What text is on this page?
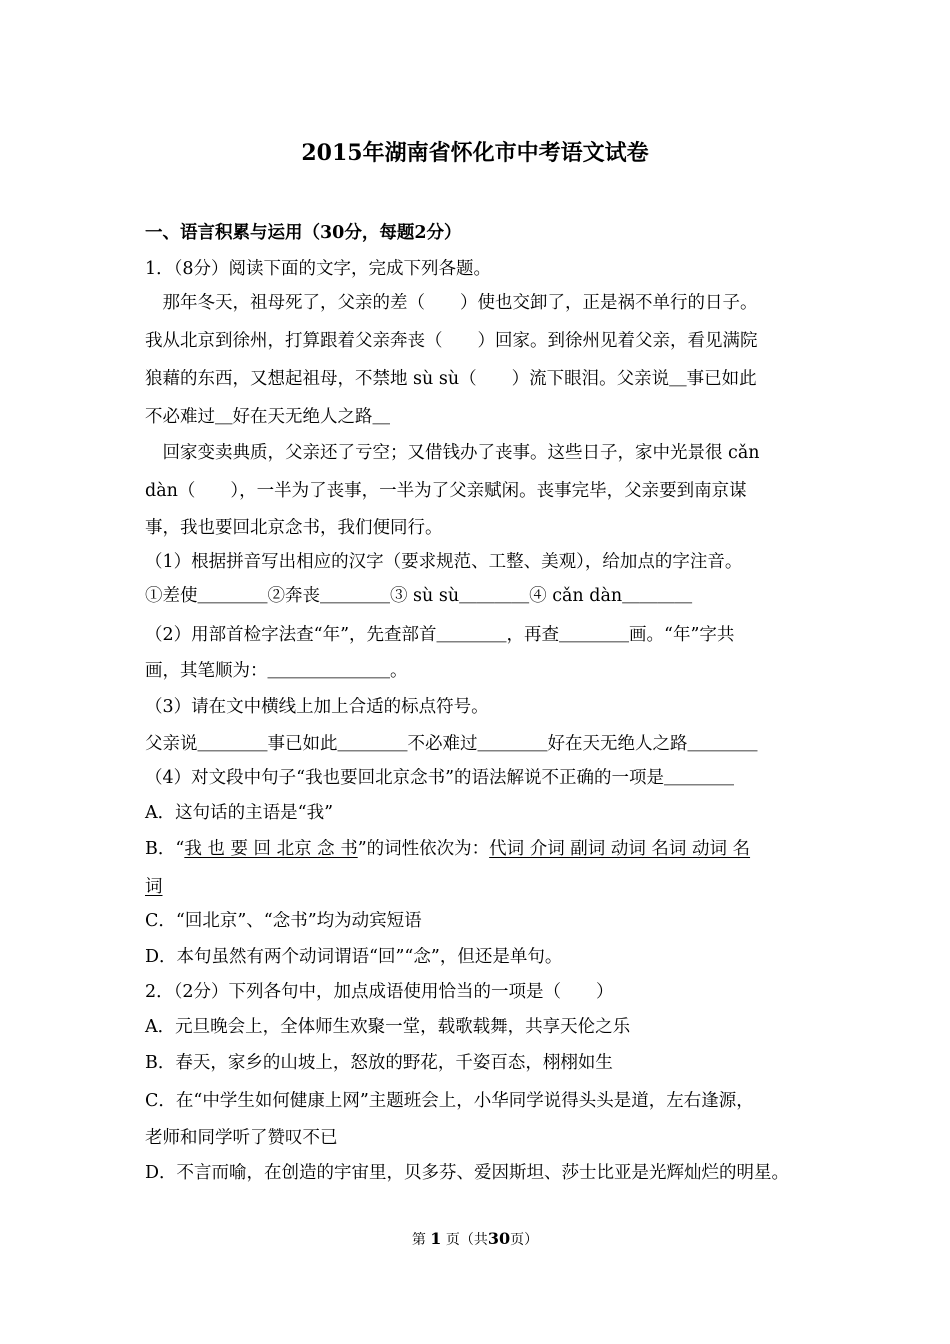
2015年湖南省怀化市中考语文试卷
一、语言积累与运用（30分，每题2分）
1．（8分）阅读下面的文字，完成下列各题。
　那年冬天，祖母死了，父亲的差（　　）使也交卸了，正是祸不单行的日子。
我从北京到徐州，打算跟着父亲奔丧（　　）回家。到徐州见着父亲，看见满院
狼藉的东西，又想起祖母，不禁地 sù sù（　　）流下眼泪。父亲说＿事已如此
不必难过＿好在天无绝人之路＿
　回家变卖典质，父亲还了亏空；又借钱办了丧事。这些日子，家中光景很 cǎn
dàn（　　），一半为了丧事，一半为了父亲赋闲。丧事完毕，父亲要到南京谋
事，我也要回北京念书，我们便同行。
（1）根据拼音写出相应的汉字（要求规范、工整、美观），给加点的字注音。
①差使＿＿＿＿②奔丧＿＿＿＿③ sù sù＿＿＿＿④ cǎn dàn＿＿＿＿
（2）用部首检字法查“年”，先查部首＿＿＿＿，再查＿＿＿＿画。“年”字共
画，其笔顺为：＿＿＿＿＿＿＿。
（3）请在文中横线上加上合适的标点符号。
父亲说＿＿＿＿事已如此＿＿＿＿不必难过＿＿＿＿好在天无绝人之路＿＿＿＿
（4）对文段中句子“我也要回北京念书”的语法解说不正确的一项是＿＿＿＿
A．这句话的主语是“我”
B．“我 也 要 回 北京 念 书”的词性依次为：代词 介词 副词 动词 名词 动词 名
词
C．“回北京”、“念书”均为动宾短语
D．本句虽然有两个动词谓语“回”“念”，但还是单句。
2．（2分）下列各句中，加点成语使用恰当的一项是（　　）
A．元旦晚会上，全体师生欢聚一堂，载歌载舞，共享天伦之乐
B．春天，家乡的山坡上，怒放的野花，千姿百态，栩栩如生
C．在“中学生如何健康上网”主题班会上，小华同学说得头头是道，左右逢源，
老师和同学听了赞叹不已
D．不言而喻，在创造的宇宙里，贝多芬、爱因斯坦、莎士比亚是光辉灿烂的明星。
第 1 页（共30页）
